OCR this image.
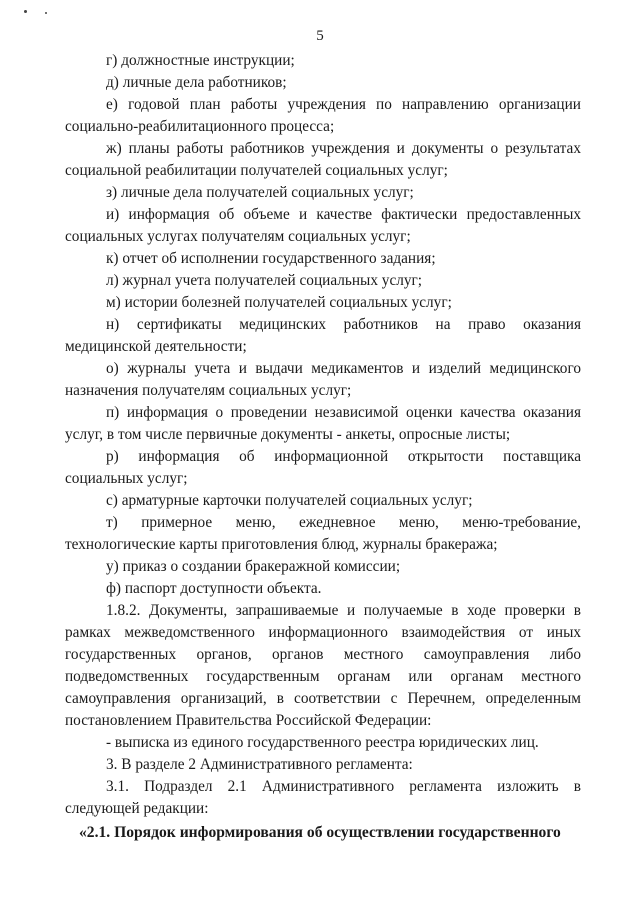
5

г) должностные инструкции;

д) личные дела работников;

е) годовой план работы учреждения по направлению организации социально-реабилитационного процесса;

ж) планы работы работников учреждения и документы о результатах социальной реабилитации получателей социальных услуг;

з) личные дела получателей социальных услуг;

и) информация об объеме и качестве фактически предоставленных социальных услугах получателям социальных услуг;

к) отчет об исполнении государственного задания;

л) журнал учета получателей социальных услуг;

м) истории болезней получателей социальных услуг;

н) сертификаты медицинских работников на право оказания медицинской деятельности;

о) журналы учета и выдачи медикаментов и изделий медицинского назначения получателям социальных услуг;

п) информация о проведении независимой оценки качества оказания услуг, в том числе первичные документы - анкеты, опросные листы;

р) информация об информационной открытости поставщика социальных услуг;

с) арматурные карточки получателей социальных услуг;

т) примерное меню, ежедневное меню, меню-требование, технологические карты приготовления блюд, журналы бракеража;

у) приказ о создании бракеражной комиссии;

ф) паспорт доступности объекта.

1.8.2. Документы, запрашиваемые и получаемые в ходе проверки в рамках межведомственного информационного взаимодействия от иных государственных органов, органов местного самоуправления либо подведомственных государственным органам или органам местного самоуправления организаций, в соответствии с Перечнем, определенным постановлением Правительства Российской Федерации:

- выписка из единого государственного реестра юридических лиц.

3. В разделе 2 Административного регламента:

3.1. Подраздел 2.1 Административного регламента изложить в следующей редакции:

«2.1. Порядок информирования об осуществлении государственного
